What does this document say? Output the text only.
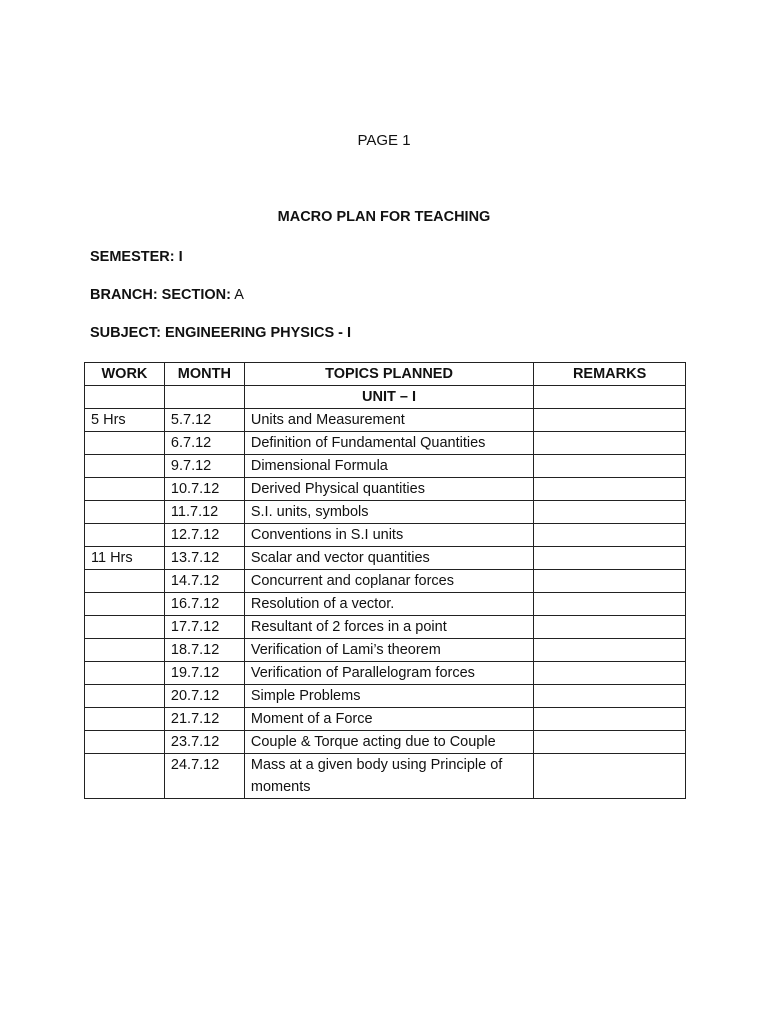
PAGE 1
MACRO PLAN FOR TEACHING
SEMESTER: I
BRANCH: SECTION: A
SUBJECT: ENGINEERING PHYSICS - I
WORK	MONTH	TOPICS PLANNED	REMARKS
		UNIT – I	
5 Hrs	5.7.12	Units and Measurement	
	6.7.12	Definition of Fundamental Quantities	
	9.7.12	Dimensional Formula	
	10.7.12	Derived Physical quantities	
	11.7.12	S.I. units, symbols	
	12.7.12	Conventions in S.I units	
11 Hrs	13.7.12	Scalar and vector quantities	
	14.7.12	Concurrent and coplanar forces	
	16.7.12	Resolution of a vector.	
	17.7.12	Resultant of 2 forces in a point	
	18.7.12	Verification of Lami’s theorem	
	19.7.12	Verification of Parallelogram forces	
	20.7.12	Simple Problems	
	21.7.12	Moment of a Force	
	23.7.12	Couple & Torque acting due to Couple	
	24.7.12	Mass at a given body using Principle of moments	
